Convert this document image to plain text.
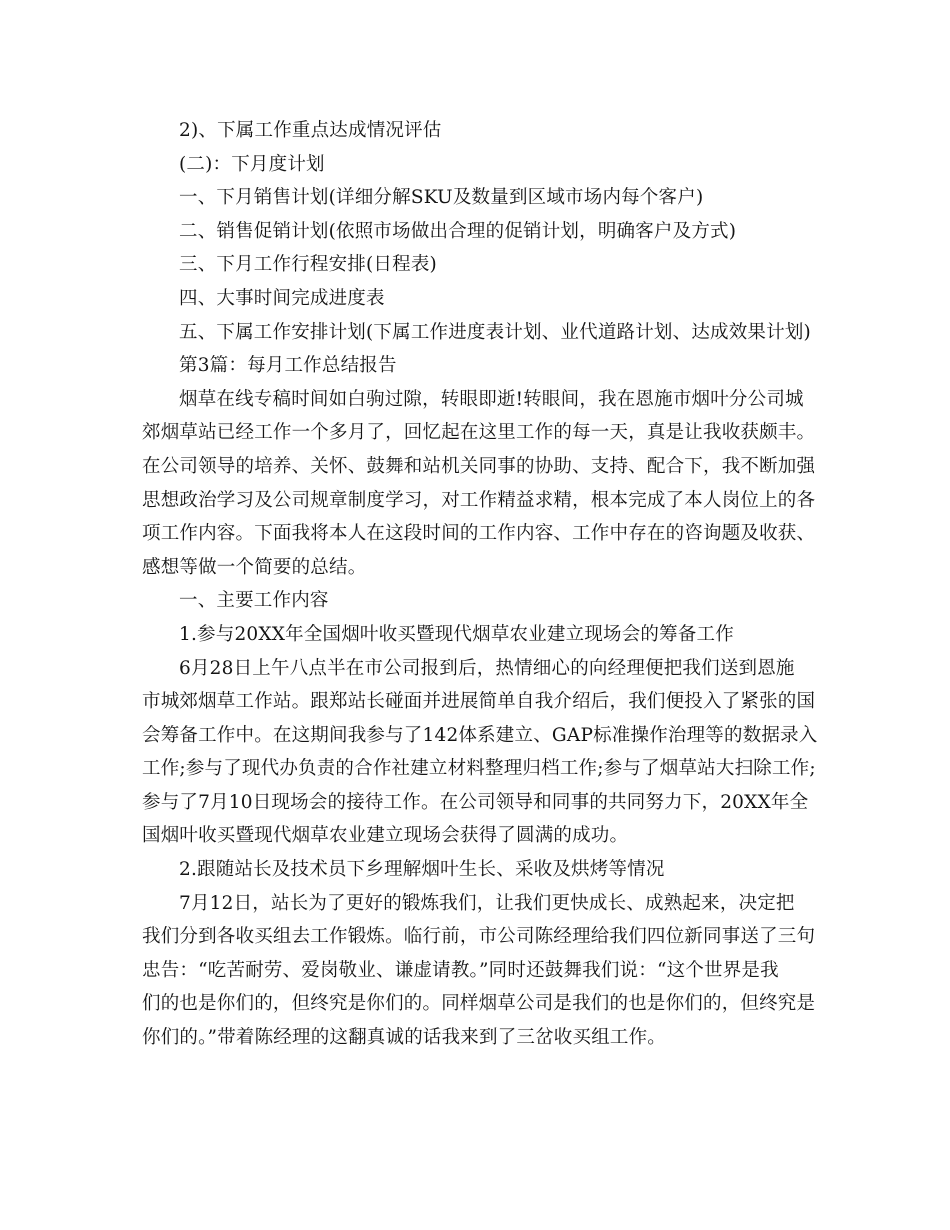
2)、下属工作重点达成情况评估
(二)：下月度计划
一、下月销售计划(详细分解SKU及数量到区域市场内每个客户)
二、销售促销计划(依照市场做出合理的促销计划，明确客户及方式)
三、下月工作行程安排(日程表)
四、大事时间完成进度表
五、下属工作安排计划(下属工作进度表计划、业代道路计划、达成效果计划)
第3篇：每月工作总结报告
烟草在线专稿时间如白驹过隙，转眼即逝!转眼间，我在恩施市烟叶分公司城
郊烟草站已经工作一个多月了，回忆起在这里工作的每一天，真是让我收获颇丰。
在公司领导的培养、关怀、鼓舞和站机关同事的协助、支持、配合下，我不断加强
思想政治学习及公司规章制度学习，对工作精益求精，根本完成了本人岗位上的各
项工作内容。下面我将本人在这段时间的工作内容、工作中存在的咨询题及收获、
感想等做一个简要的总结。
一、主要工作内容
1.参与20XX年全国烟叶收买暨现代烟草农业建立现场会的筹备工作
6月28日上午八点半在市公司报到后，热情细心的向经理便把我们送到恩施
市城郊烟草工作站。跟郑站长碰面并进展简单自我介绍后，我们便投入了紧张的国
会筹备工作中。在这期间我参与了142体系建立、GAP标准操作治理等的数据录入
工作;参与了现代办负责的合作社建立材料整理归档工作;参与了烟草站大扫除工作;
参与了7月10日现场会的接待工作。在公司领导和同事的共同努力下，20XX年全
国烟叶收买暨现代烟草农业建立现场会获得了圆满的成功。
2.跟随站长及技术员下乡理解烟叶生长、采收及烘烤等情况
7月12日，站长为了更好的锻炼我们，让我们更快成长、成熟起来，决定把
我们分到各收买组去工作锻炼。临行前，市公司陈经理给我们四位新同事送了三句
忠告：“吃苦耐劳、爱岗敬业、谦虚请教。”同时还鼓舞我们说：“这个世界是我
们的也是你们的，但终究是你们的。同样烟草公司是我们的也是你们的，但终究是
你们的。”带着陈经理的这翻真诚的话我来到了三岔收买组工作。
